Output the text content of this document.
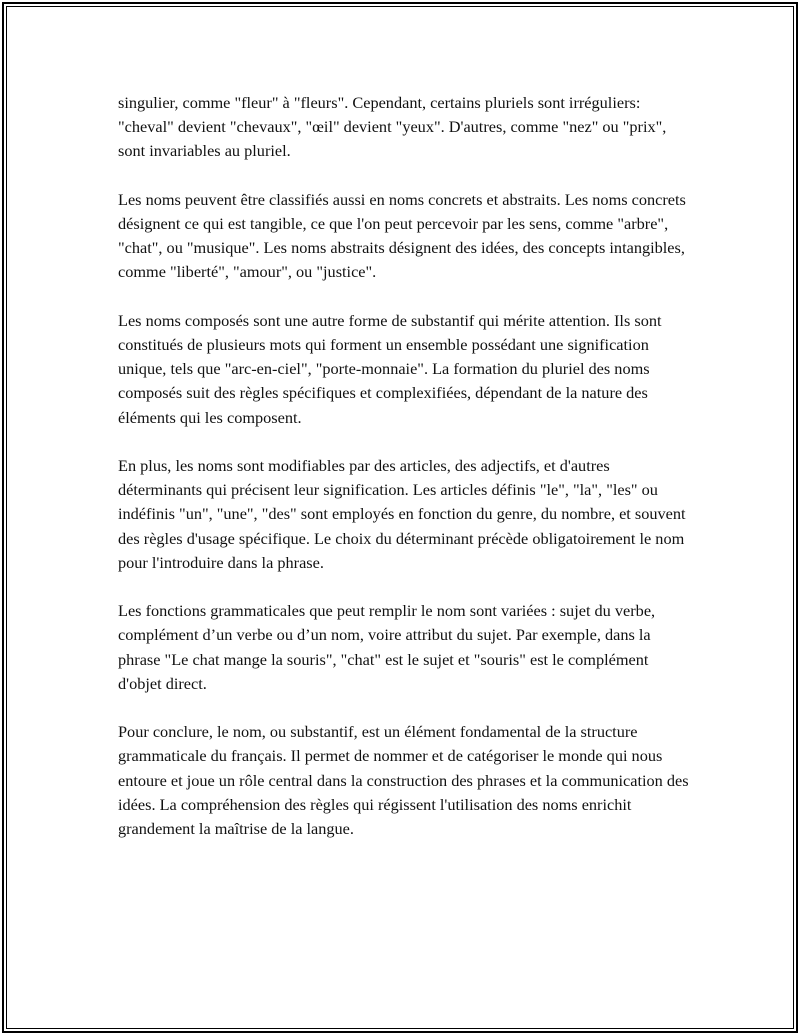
singulier, comme "fleur" à "fleurs". Cependant, certains pluriels sont irréguliers: "cheval" devient "chevaux", "œil" devient "yeux". D'autres, comme "nez" ou "prix", sont invariables au pluriel.

Les noms peuvent être classifiés aussi en noms concrets et abstraits. Les noms concrets désignent ce qui est tangible, ce que l'on peut percevoir par les sens, comme "arbre", "chat", ou "musique". Les noms abstraits désignent des idées, des concepts intangibles, comme "liberté", "amour", ou "justice".

Les noms composés sont une autre forme de substantif qui mérite attention. Ils sont constitués de plusieurs mots qui forment un ensemble possédant une signification unique, tels que "arc-en-ciel", "porte-monnaie". La formation du pluriel des noms composés suit des règles spécifiques et complexifiées, dépendant de la nature des éléments qui les composent.

En plus, les noms sont modifiables par des articles, des adjectifs, et d'autres déterminants qui précisent leur signification. Les articles définis "le", "la", "les" ou indéfinis "un", "une", "des" sont employés en fonction du genre, du nombre, et souvent des règles d'usage spécifique. Le choix du déterminant précède obligatoirement le nom pour l'introduire dans la phrase.

Les fonctions grammaticales que peut remplir le nom sont variées : sujet du verbe, complément d’un verbe ou d’un nom, voire attribut du sujet. Par exemple, dans la phrase "Le chat mange la souris", "chat" est le sujet et "souris" est le complément d'objet direct.

Pour conclure, le nom, ou substantif, est un élément fondamental de la structure grammaticale du français. Il permet de nommer et de catégoriser le monde qui nous entoure et joue un rôle central dans la construction des phrases et la communication des idées. La compréhension des règles qui régissent l'utilisation des noms enrichit grandement la maîtrise de la langue.
